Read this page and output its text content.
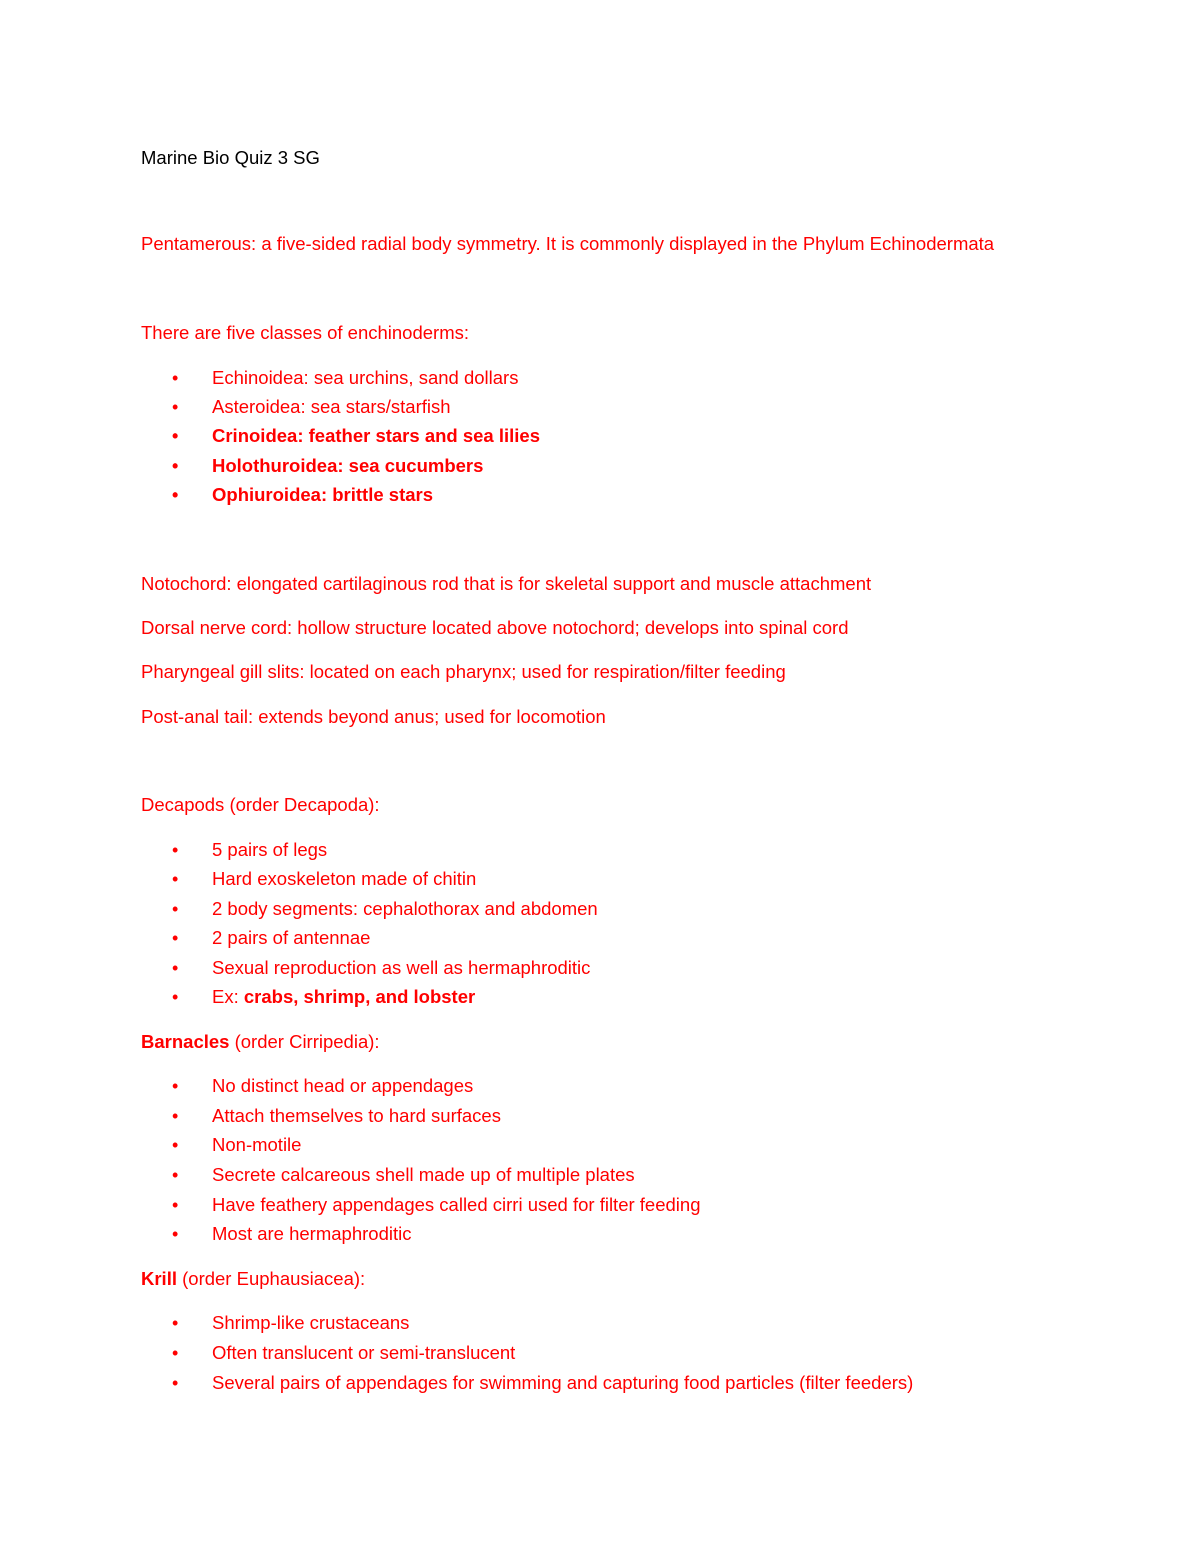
Marine Bio Quiz 3 SG
Pentamerous: a five-sided radial body symmetry. It is commonly displayed in the Phylum Echinodermata
There are five classes of enchinoderms:
•Echinoidea: sea urchins, sand dollars
•Asteroidea: sea stars/starfish
•Crinoidea: feather stars and sea lilies
•Holothuroidea: sea cucumbers
•Ophiuroidea: brittle stars
Notochord: elongated cartilaginous rod that is for skeletal support and muscle attachment
Dorsal nerve cord: hollow structure located above notochord; develops into spinal cord
Pharyngeal gill slits: located on each pharynx; used for respiration/filter feeding
Post-anal tail: extends beyond anus; used for locomotion
Decapods (order Decapoda):
•5 pairs of legs
•Hard exoskeleton made of chitin
•2 body segments: cephalothorax and abdomen
•2 pairs of antennae
•Sexual reproduction as well as hermaphroditic
•Ex: crabs, shrimp, and lobster
Barnacles (order Cirripedia):
•No distinct head or appendages
•Attach themselves to hard surfaces
•Non-motile
•Secrete calcareous shell made up of multiple plates
•Have feathery appendages called cirri used for filter feeding
•Most are hermaphroditic
Krill (order Euphausiacea):
•Shrimp-like crustaceans
•Often translucent or semi-translucent
•Several pairs of appendages for swimming and capturing food particles (filter feeders)
